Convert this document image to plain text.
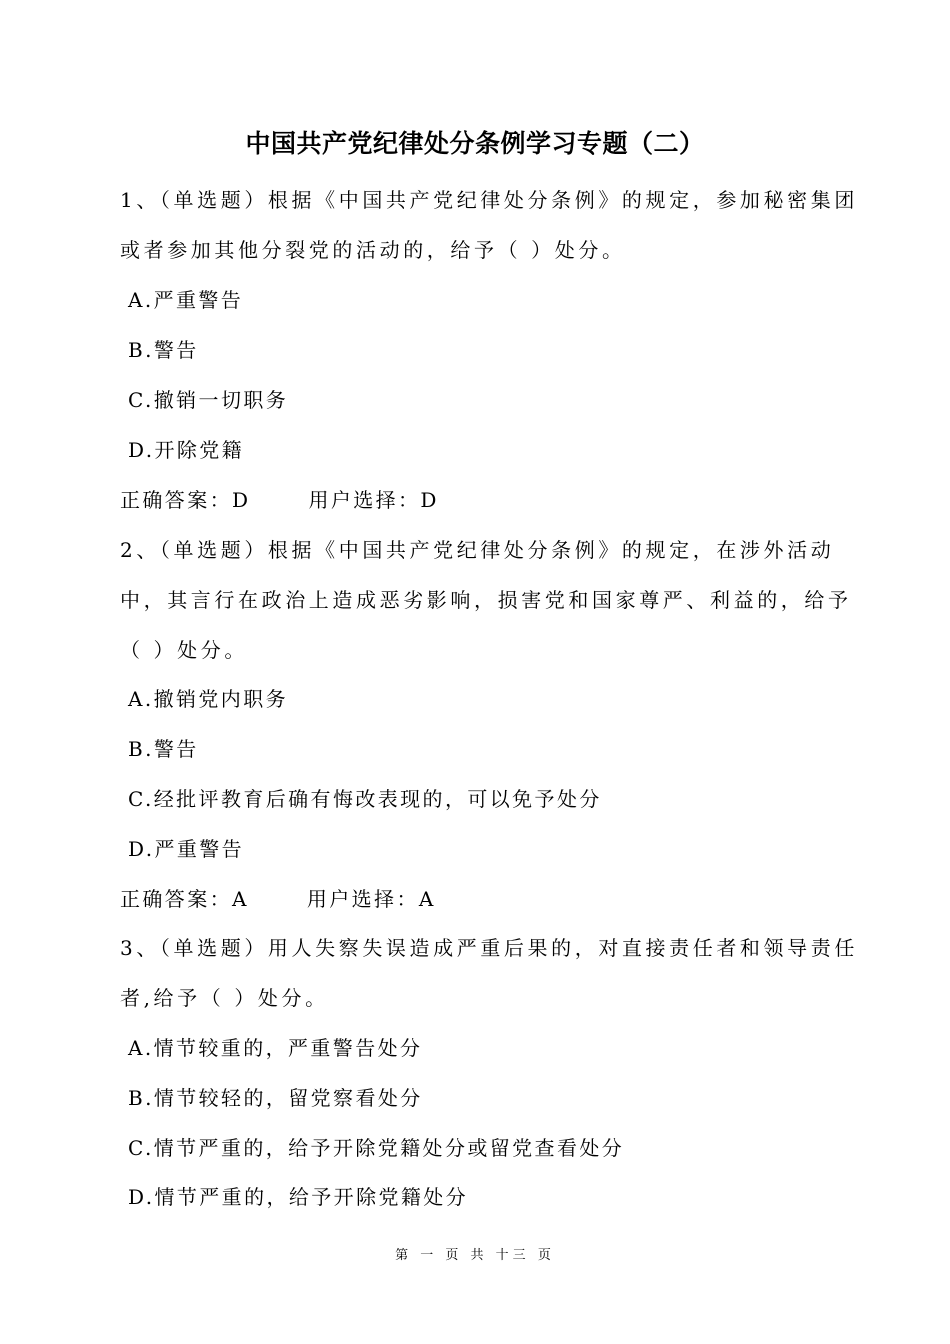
中国共产党纪律处分条例学习专题（二）
1、（单选题）根据《中国共产党纪律处分条例》的规定，参加秘密集团
或者参加其他分裂党的活动的，给予（ ）处分。
A.严重警告
B.警告
C.撤销一切职务
D.开除党籍
正确答案：D	用户选择：D
2、（单选题）根据《中国共产党纪律处分条例》的规定，在涉外活动
中，其言行在政治上造成恶劣影响，损害党和国家尊严、利益的，给予
（ ）处分。
A.撤销党内职务
B.警告
C.经批评教育后确有悔改表现的，可以免予处分
D.严重警告
正确答案：A	用户选择：A
3、（单选题）用人失察失误造成严重后果的，对直接责任者和领导责任
者,给予（ ）处分。
A.情节较重的，严重警告处分
B.情节较轻的，留党察看处分
C.情节严重的，给予开除党籍处分或留党查看处分
D.情节严重的，给予开除党籍处分
第 一 页 共 十三 页
